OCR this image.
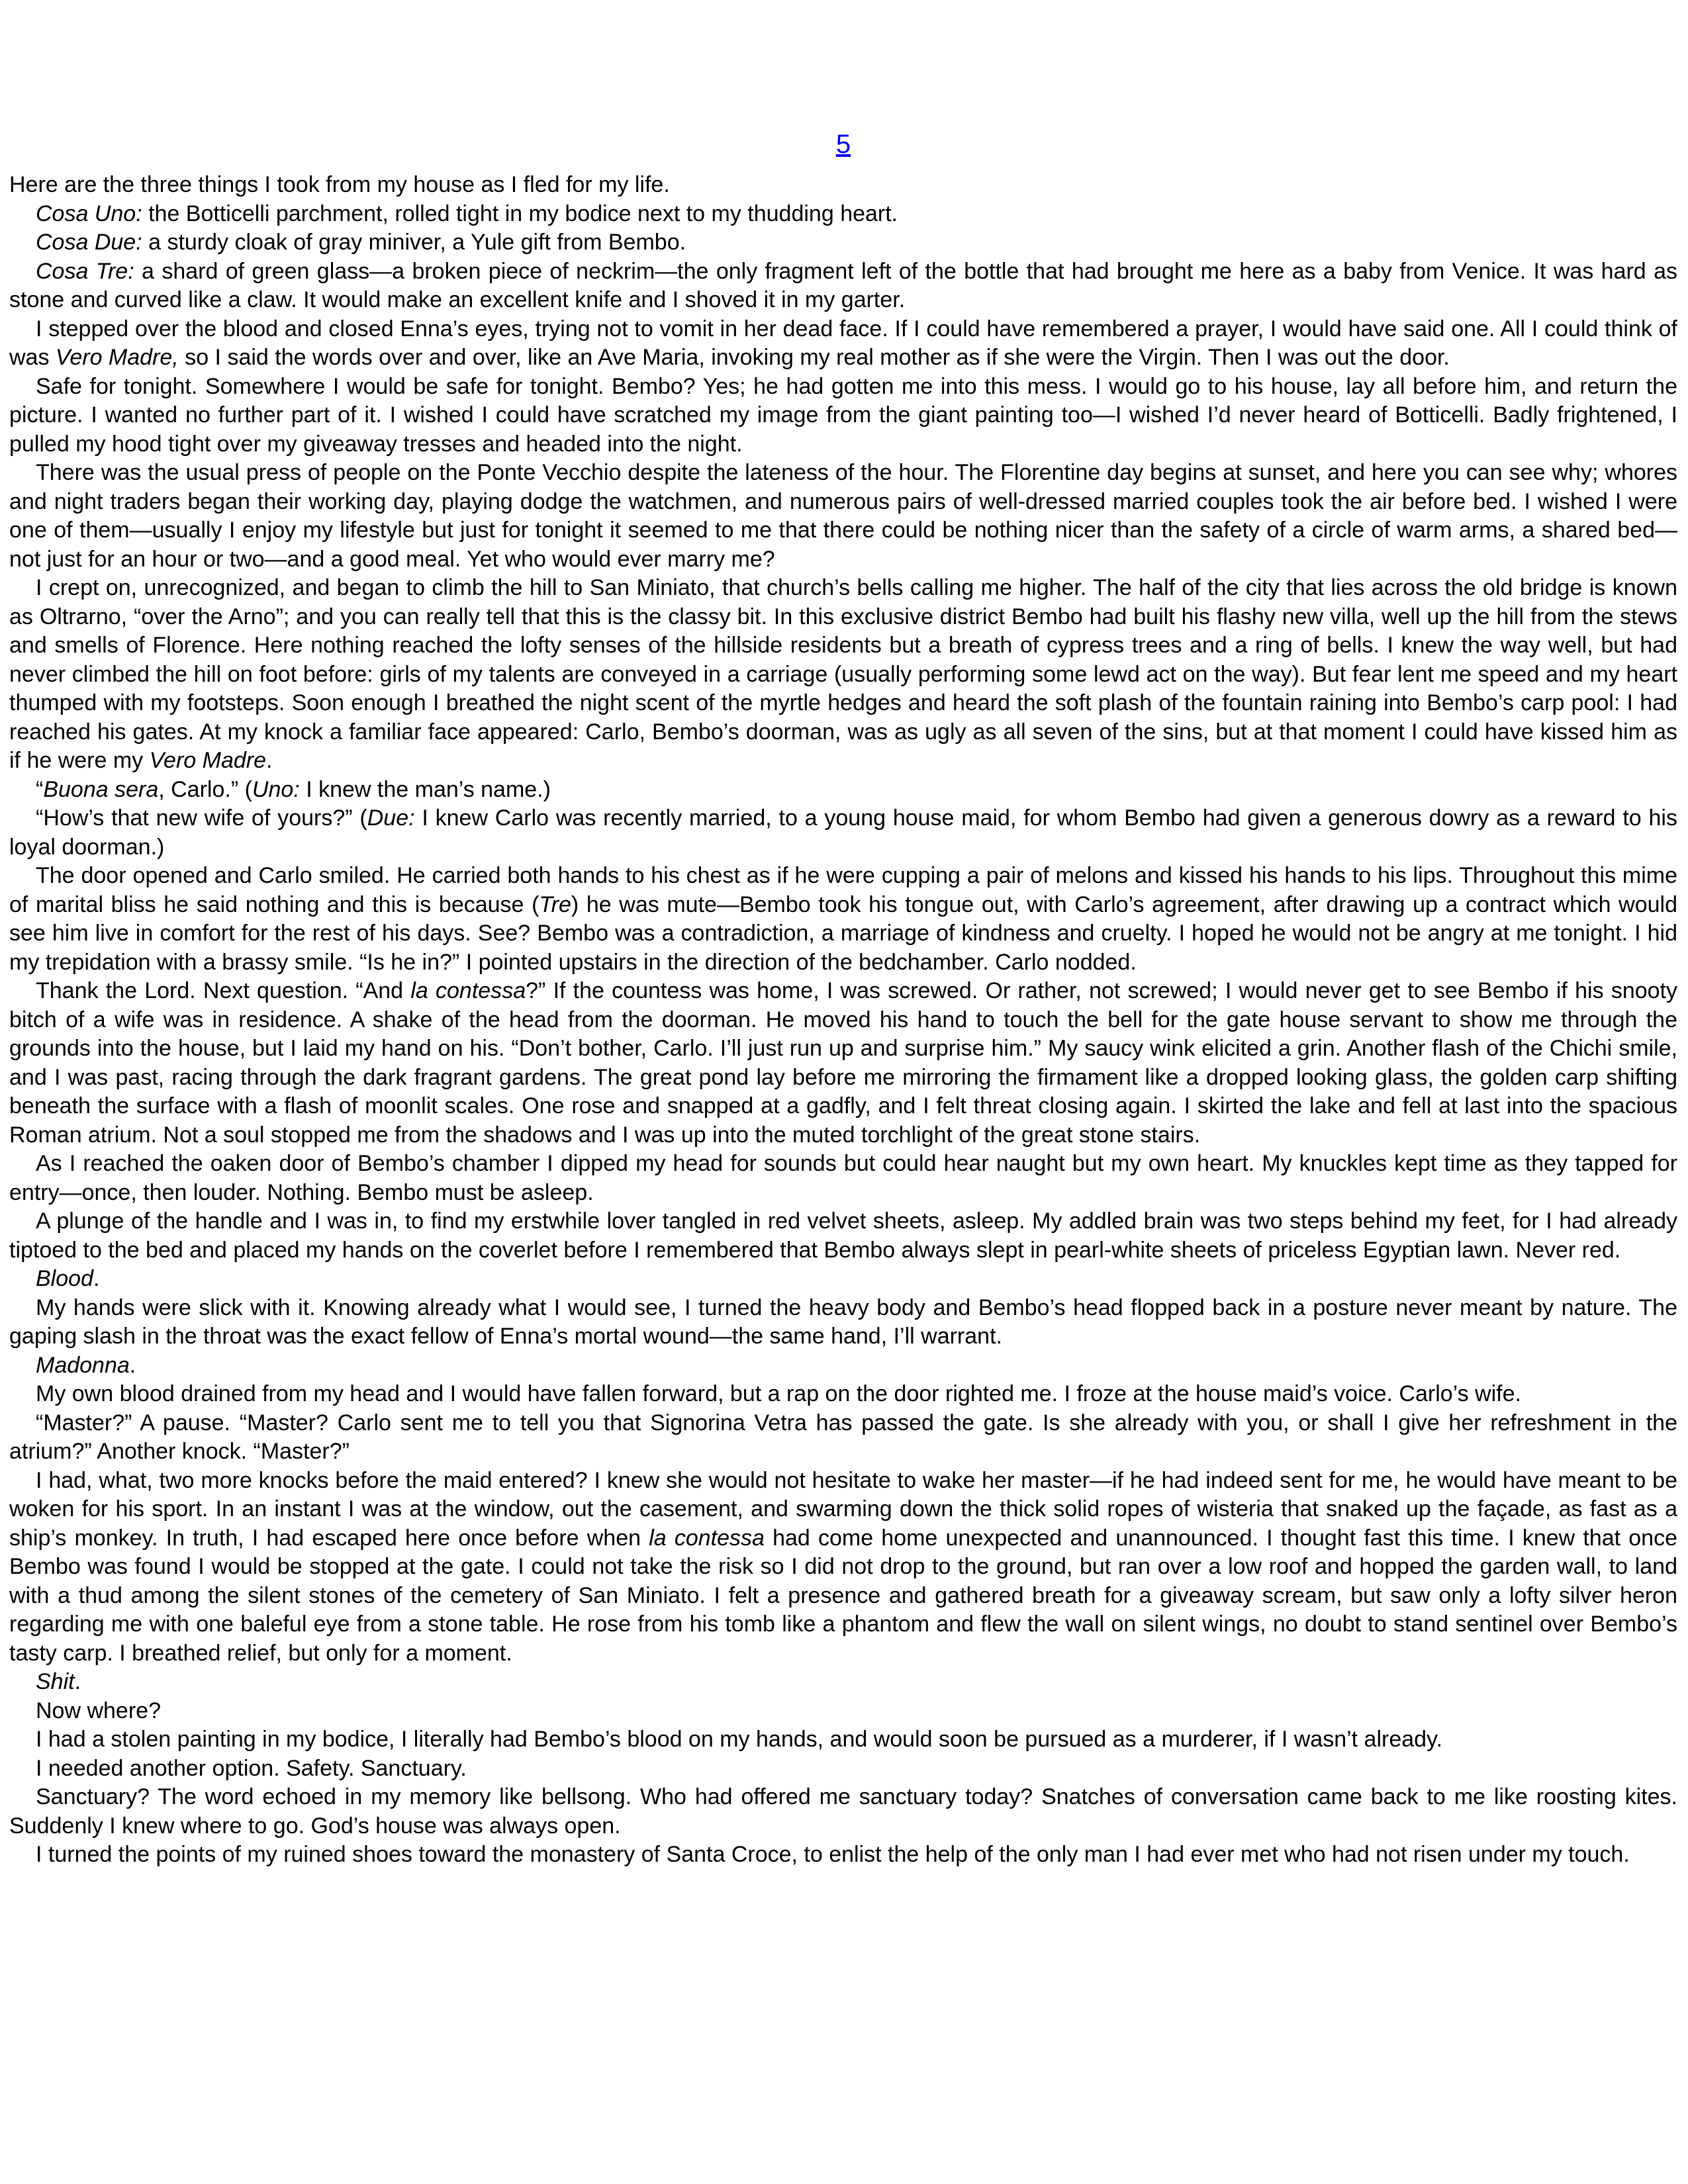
5

Here are the three things I took from my house as I fled for my life.

Cosa Uno: the Botticelli parchment, rolled tight in my bodice next to my thudding heart.

Cosa Due: a sturdy cloak of gray miniver, a Yule gift from Bembo.

Cosa Tre: a shard of green glass—a broken piece of neckrim—the only fragment left of the bottle that had brought me here as a baby from Venice. It was hard as stone and curved like a claw. It would make an excellent knife and I shoved it in my garter.

I stepped over the blood and closed Enna’s eyes, trying not to vomit in her dead face. If I could have remembered a prayer, I would have said one. All I could think of was Vero Madre, so I said the words over and over, like an Ave Maria, invoking my real mother as if she were the Virgin. Then I was out the door.

Safe for tonight. Somewhere I would be safe for tonight. Bembo? Yes; he had gotten me into this mess. I would go to his house, lay all before him, and return the picture. I wanted no further part of it. I wished I could have scratched my image from the giant painting too—I wished I’d never heard of Botticelli. Badly frightened, I pulled my hood tight over my giveaway tresses and headed into the night.

There was the usual press of people on the Ponte Vecchio despite the lateness of the hour. The Florentine day begins at sunset, and here you can see why; whores and night traders began their working day, playing dodge the watchmen, and numerous pairs of well-dressed married couples took the air before bed. I wished I were one of them—usually I enjoy my lifestyle but just for tonight it seemed to me that there could be nothing nicer than the safety of a circle of warm arms, a shared bed—not just for an hour or two—and a good meal. Yet who would ever marry me?

I crept on, unrecognized, and began to climb the hill to San Miniato, that church’s bells calling me higher. The half of the city that lies across the old bridge is known as Oltrarno, “over the Arno”; and you can really tell that this is the classy bit. In this exclusive district Bembo had built his flashy new villa, well up the hill from the stews and smells of Florence. Here nothing reached the lofty senses of the hillside residents but a breath of cypress trees and a ring of bells. I knew the way well, but had never climbed the hill on foot before: girls of my talents are conveyed in a carriage (usually performing some lewd act on the way). But fear lent me speed and my heart thumped with my footsteps. Soon enough I breathed the night scent of the myrtle hedges and heard the soft plash of the fountain raining into Bembo’s carp pool: I had reached his gates. At my knock a familiar face appeared: Carlo, Bembo’s doorman, was as ugly as all seven of the sins, but at that moment I could have kissed him as if he were my Vero Madre.

“Buona sera, Carlo.” (Uno: I knew the man’s name.)

“How’s that new wife of yours?” (Due: I knew Carlo was recently married, to a young house maid, for whom Bembo had given a generous dowry as a reward to his loyal doorman.)

The door opened and Carlo smiled. He carried both hands to his chest as if he were cupping a pair of melons and kissed his hands to his lips. Throughout this mime of marital bliss he said nothing and this is because (Tre) he was mute—Bembo took his tongue out, with Carlo’s agreement, after drawing up a contract which would see him live in comfort for the rest of his days. See? Bembo was a contradiction, a marriage of kindness and cruelty. I hoped he would not be angry at me tonight. I hid my trepidation with a brassy smile. “Is he in?” I pointed upstairs in the direction of the bedchamber. Carlo nodded.

Thank the Lord. Next question. “And la contessa?” If the countess was home, I was screwed. Or rather, not screwed; I would never get to see Bembo if his snooty bitch of a wife was in residence. A shake of the head from the doorman. He moved his hand to touch the bell for the gate house servant to show me through the grounds into the house, but I laid my hand on his. “Don’t bother, Carlo. I’ll just run up and surprise him.” My saucy wink elicited a grin. Another flash of the Chichi smile, and I was past, racing through the dark fragrant gardens. The great pond lay before me mirroring the firmament like a dropped looking glass, the golden carp shifting beneath the surface with a flash of moonlit scales. One rose and snapped at a gadfly, and I felt threat closing again. I skirted the lake and fell at last into the spacious Roman atrium. Not a soul stopped me from the shadows and I was up into the muted torchlight of the great stone stairs.

As I reached the oaken door of Bembo’s chamber I dipped my head for sounds but could hear naught but my own heart. My knuckles kept time as they tapped for entry—once, then louder. Nothing. Bembo must be asleep.

A plunge of the handle and I was in, to find my erstwhile lover tangled in red velvet sheets, asleep. My addled brain was two steps behind my feet, for I had already tiptoed to the bed and placed my hands on the coverlet before I remembered that Bembo always slept in pearl-white sheets of priceless Egyptian lawn. Never red.

Blood.

My hands were slick with it. Knowing already what I would see, I turned the heavy body and Bembo’s head flopped back in a posture never meant by nature. The gaping slash in the throat was the exact fellow of Enna’s mortal wound—the same hand, I’ll warrant.

Madonna.

My own blood drained from my head and I would have fallen forward, but a rap on the door righted me. I froze at the house maid’s voice. Carlo’s wife.

“Master?” A pause. “Master? Carlo sent me to tell you that Signorina Vetra has passed the gate. Is she already with you, or shall I give her refreshment in the atrium?” Another knock. “Master?”

I had, what, two more knocks before the maid entered? I knew she would not hesitate to wake her master—if he had indeed sent for me, he would have meant to be woken for his sport. In an instant I was at the window, out the casement, and swarming down the thick solid ropes of wisteria that snaked up the façade, as fast as a ship’s monkey. In truth, I had escaped here once before when la contessa had come home unexpected and unannounced. I thought fast this time. I knew that once Bembo was found I would be stopped at the gate. I could not take the risk so I did not drop to the ground, but ran over a low roof and hopped the garden wall, to land with a thud among the silent stones of the cemetery of San Miniato. I felt a presence and gathered breath for a giveaway scream, but saw only a lofty silver heron regarding me with one baleful eye from a stone table. He rose from his tomb like a phantom and flew the wall on silent wings, no doubt to stand sentinel over Bembo’s tasty carp. I breathed relief, but only for a moment.

Shit.

Now where?

I had a stolen painting in my bodice, I literally had Bembo’s blood on my hands, and would soon be pursued as a murderer, if I wasn’t already.

I needed another option. Safety. Sanctuary.

Sanctuary? The word echoed in my memory like bellsong. Who had offered me sanctuary today? Snatches of conversation came back to me like roosting kites. Suddenly I knew where to go. God’s house was always open.

I turned the points of my ruined shoes toward the monastery of Santa Croce, to enlist the help of the only man I had ever met who had not risen under my touch.
